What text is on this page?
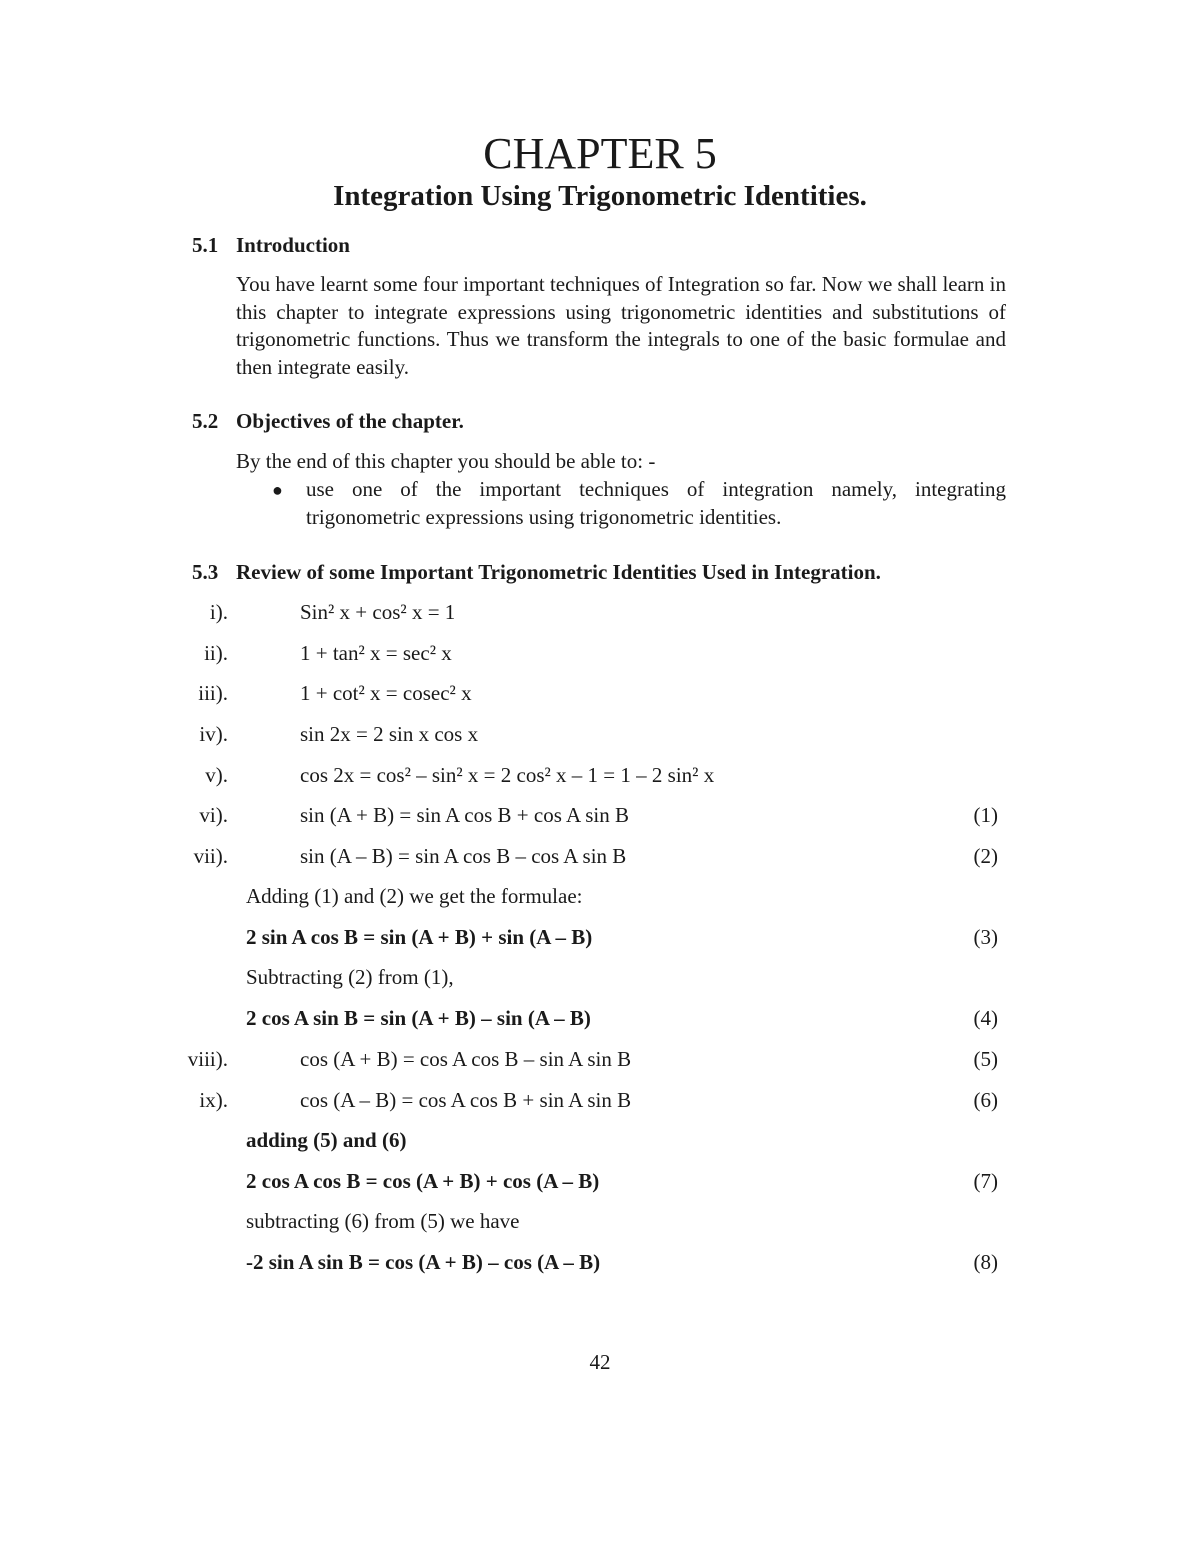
CHAPTER 5
Integration Using Trigonometric Identities.
5.1 Introduction

You have learnt some four important techniques of Integration so far. Now we shall learn in this chapter to integrate expressions using trigonometric identities and substitutions of trigonometric functions. Thus we transform the integrals to one of the basic formulae and then integrate easily.

5.2 Objectives of the chapter.
By the end of this chapter you should be able to: -
● use one of the important techniques of integration namely, integrating trigonometric expressions using trigonometric identities.

5.3 Review of some Important Trigonometric Identities Used in Integration.
i).	Sin² x + cos² x = 1
ii).	1 + tan² x = sec² x
iii).	1 + cot² x = cosec² x
iv).	sin 2x = 2 sin x cos x
v).	cos 2x = cos² – sin² x = 2 cos² x – 1 = 1 – 2 sin² x
vi).	sin (A + B) = sin A cos B + cos A sin B	(1)
vii).	sin (A – B) = sin A cos B – cos A sin B	(2)
Adding (1) and (2) we get the formulae:
2 sin A cos B = sin (A + B) + sin (A – B)	(3)
Subtracting (2) from (1),
2 cos A sin B = sin (A + B) – sin (A – B)	(4)
viii).	cos (A + B) = cos A cos B – sin A sin B	(5)
ix).	cos (A – B) = cos A cos B + sin A sin B	(6)
adding (5) and (6)
2 cos A cos B = cos (A + B) + cos (A – B)	(7)
subtracting (6) from (5) we have
-2 sin A sin B = cos (A + B) – cos (A – B)	(8)
42
